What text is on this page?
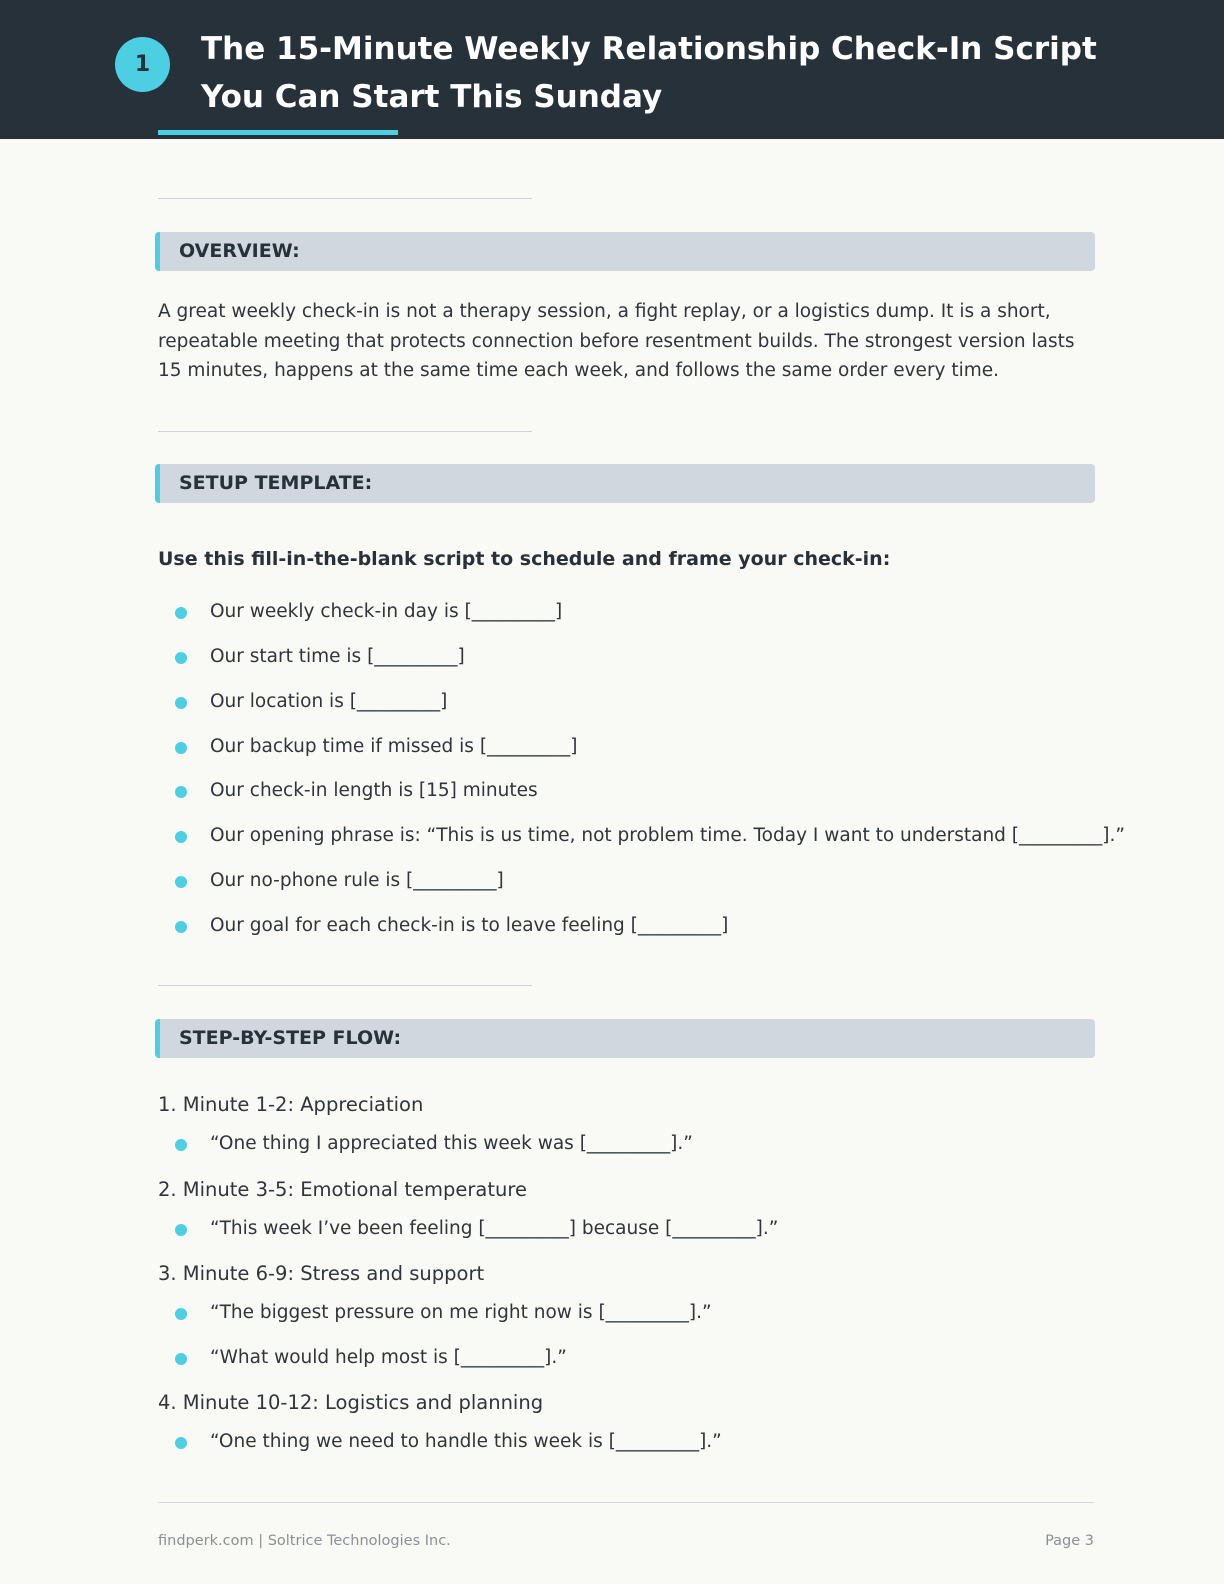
1	The 15-Minute Weekly Relationship Check-In Script You Can Start This Sunday
OVERVIEW:

A great weekly check-in is not a therapy session, a fight replay, or a logistics dump. It is a short, repeatable meeting that protects connection before resentment builds. The strongest version lasts 15 minutes, happens at the same time each week, and follows the same order every time.

SETUP TEMPLATE:

Use this fill-in-the-blank script to schedule and frame your check-in:

Our weekly check-in day is [_________]
Our start time is [_________]
Our location is [_________]
Our backup time if missed is [_________]
Our check-in length is [15] minutes
Our opening phrase is: “This is us time, not problem time. Today I want to understand [_________].”
Our no-phone rule is [_________]
Our goal for each check-in is to leave feeling [_________]
STEP-BY-STEP FLOW:
1. Minute 1-2: Appreciation
“One thing I appreciated this week was [_________].”
2. Minute 3-5: Emotional temperature
“This week I’ve been feeling [_________] because [_________].”
3. Minute 6-9: Stress and support
“The biggest pressure on me right now is [_________].”
“What would help most is [_________].”
4. Minute 10-12: Logistics and planning
“One thing we need to handle this week is [_________].”
findperk.com | Soltrice Technologies Inc.	Page 3
